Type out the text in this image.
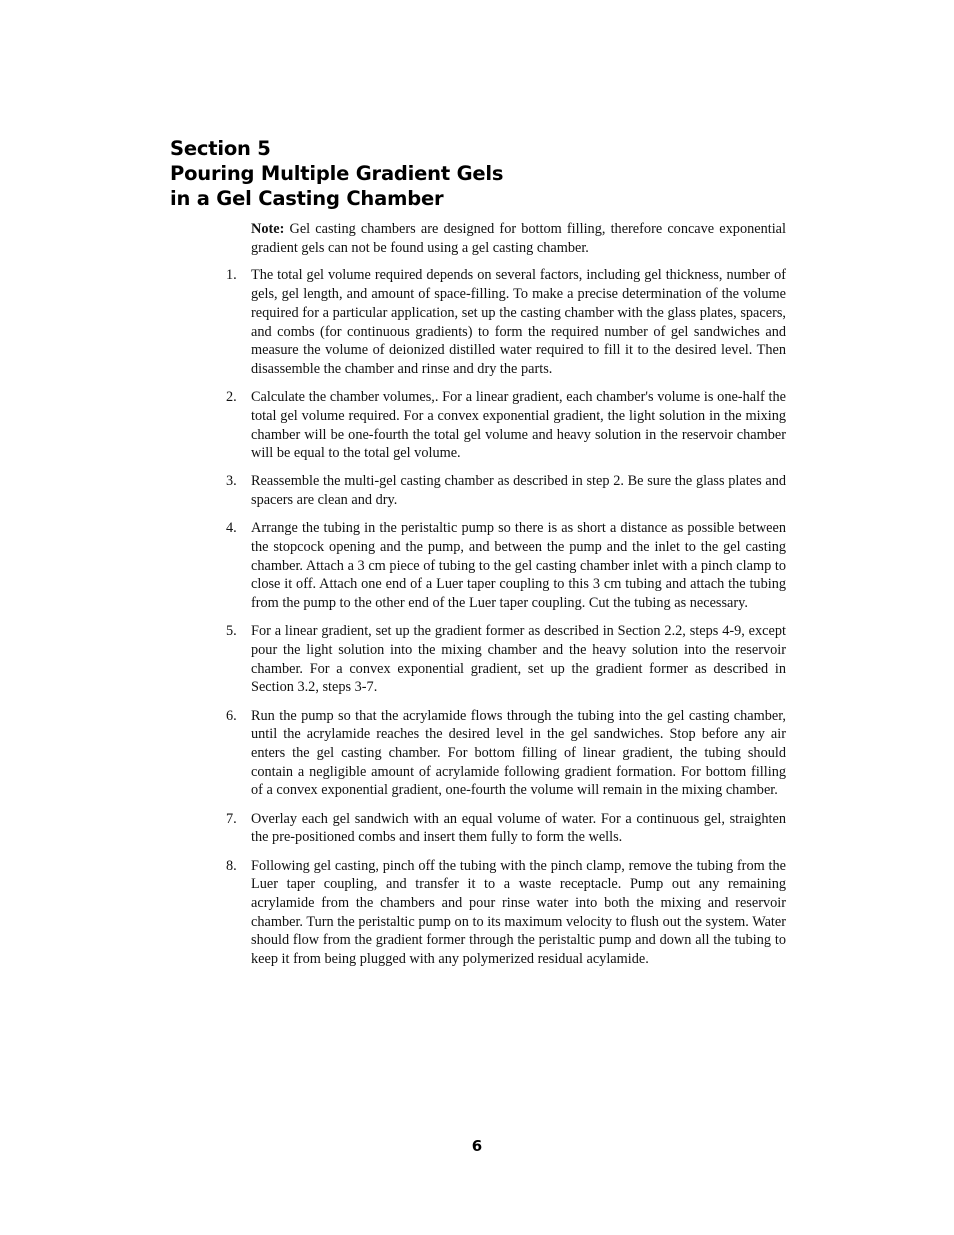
Section 5
Pouring Multiple Gradient Gels
in a Gel Casting Chamber

Note: Gel casting chambers are designed for bottom filling, therefore concave exponential gradient gels can not be found using a gel casting chamber.

1. The total gel volume required depends on several factors, including gel thickness, number of gels, gel length, and amount of space-filling. To make a precise determination of the volume required for a particular application, set up the casting chamber with the glass plates, spacers, and combs (for continuous gradients) to form the required number of gel sandwiches and measure the volume of deionized distilled water required to fill it to the desired level. Then disassemble the chamber and rinse and dry the parts.
2. Calculate the chamber volumes,. For a linear gradient, each chamber's volume is one-half the total gel volume required. For a convex exponential gradient, the light solution in the mixing chamber will be one-fourth the total gel volume and heavy solution in the reservoir chamber will be equal to the total gel volume.
3. Reassemble the multi-gel casting chamber as described in step 2. Be sure the glass plates and spacers are clean and dry.
4. Arrange the tubing in the peristaltic pump so there is as short a distance as possible between the stopcock opening and the pump, and between the pump and the inlet to the gel casting chamber. Attach a 3 cm piece of tubing to the gel casting chamber inlet with a pinch clamp to close it off. Attach one end of a Luer taper coupling to this 3 cm tubing and attach the tubing from the pump to the other end of the Luer taper coupling. Cut the tubing as necessary.
5. For a linear gradient, set up the gradient former as described in Section 2.2, steps 4-9, except pour the light solution into the mixing chamber and the heavy solution into the reservoir chamber. For a convex exponential gradient, set up the gradient former as described in Section 3.2, steps 3-7.
6. Run the pump so that the acrylamide flows through the tubing into the gel casting chamber, until the acrylamide reaches the desired level in the gel sandwiches. Stop before any air enters the gel casting chamber. For bottom filling of linear gradient, the tubing should contain a negligible amount of acrylamide following gradient formation. For bottom filling of a convex exponential gradient, one-fourth the volume will remain in the mixing chamber.
7. Overlay each gel sandwich with an equal volume of water. For a continuous gel, straighten the pre-positioned combs and insert them fully to form the wells.
8. Following gel casting, pinch off the tubing with the pinch clamp, remove the tubing from the Luer taper coupling, and transfer it to a waste receptacle. Pump out any remaining acrylamide from the chambers and pour rinse water into both the mixing and reservoir chamber. Turn the peristaltic pump on to its maximum velocity to flush out the system. Water should flow from the gradient former through the peristaltic pump and down all the tubing to keep it from being plugged with any polymerized residual acylamide.
6
